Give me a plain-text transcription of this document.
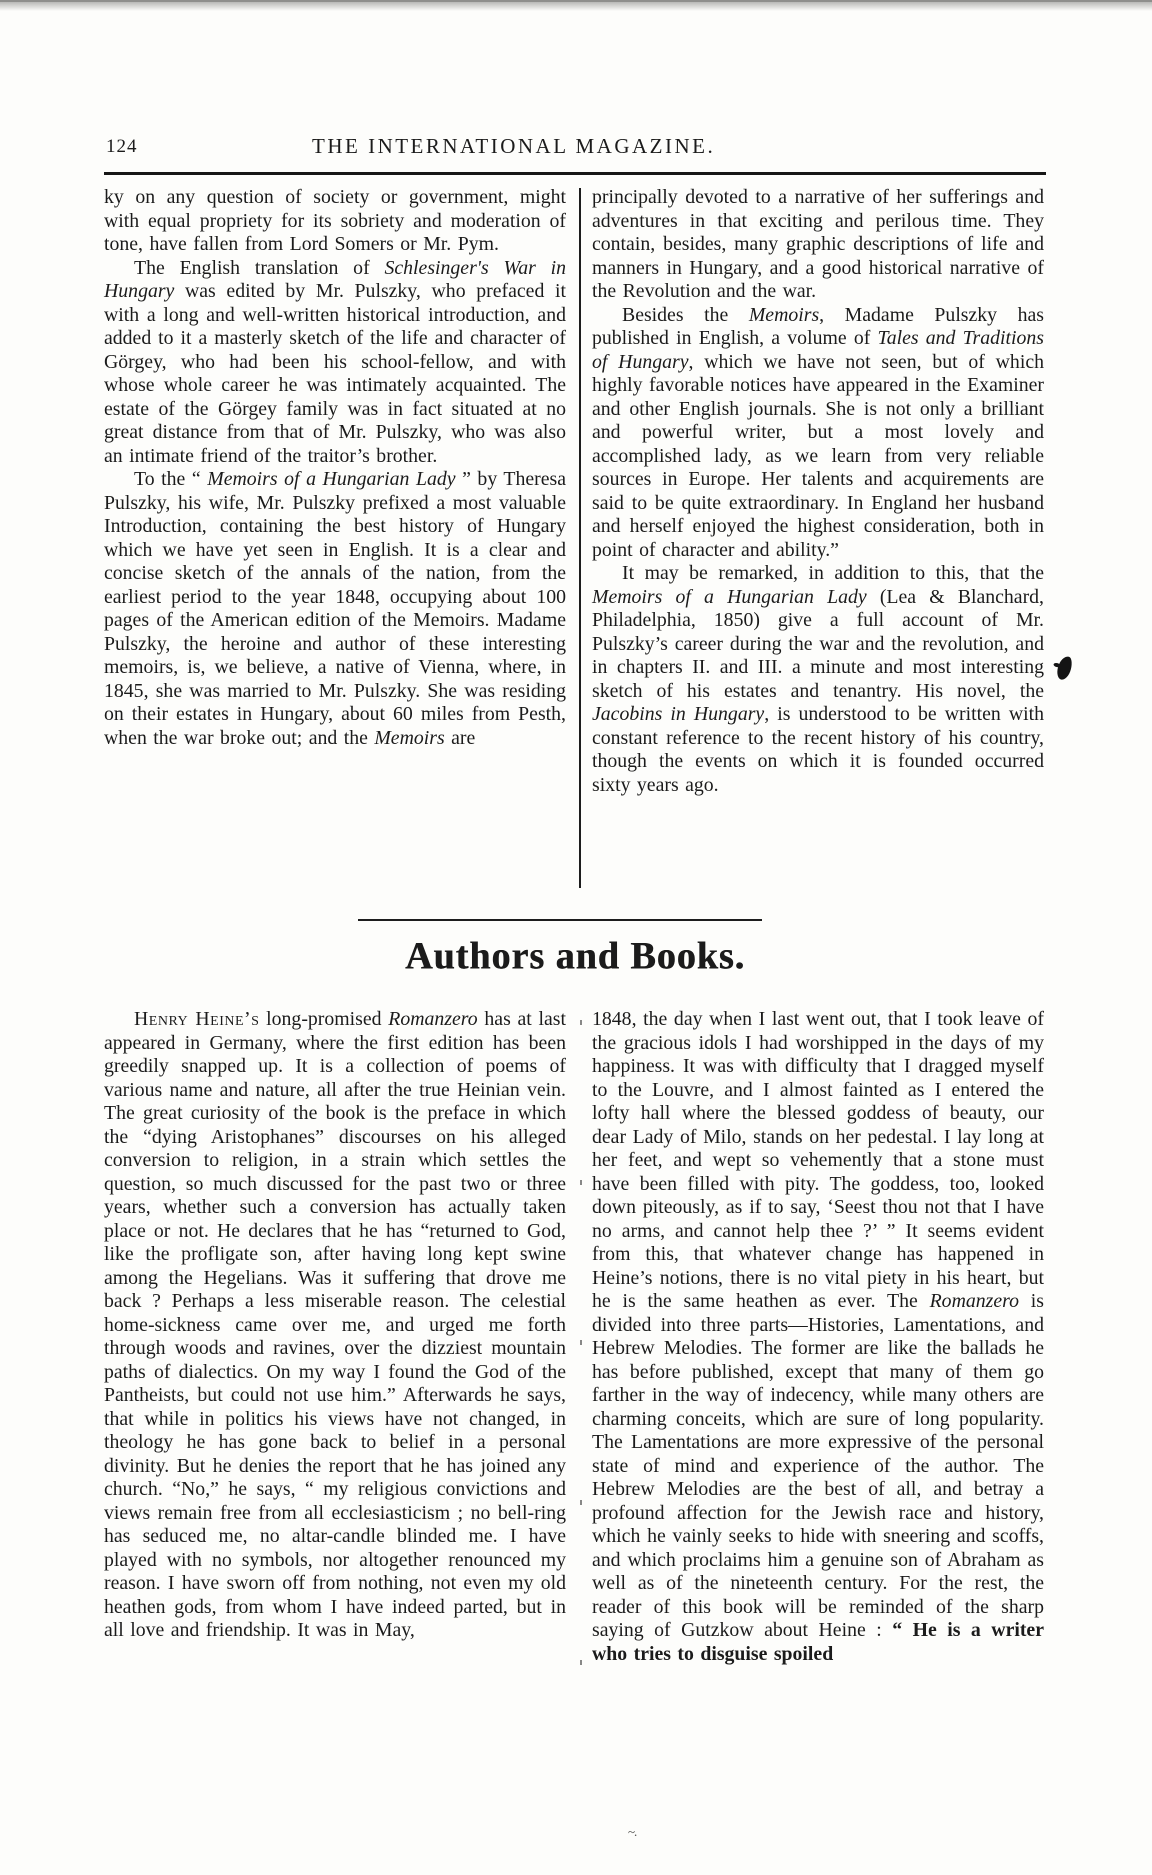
124	THE INTERNATIONAL MAGAZINE.

ky on any question of society or government, might with equal propriety for its sobriety and moderation of tone, have fallen from Lord Somers or Mr. Pym.

The English translation of Schlesinger's War in Hungary was edited by Mr. Pulszky, who prefaced it with a long and well-written historical introduction, and added to it a masterly sketch of the life and character of Görgey, who had been his school-fellow, and with whose whole career he was intimately acquainted. The estate of the Görgey family was in fact situated at no great distance from that of Mr. Pulszky, who was also an intimate friend of the traitor’s brother.

To the “ Memoirs of a Hungarian Lady ” by Theresa Pulszky, his wife, Mr. Pulszky prefixed a most valuable Introduction, containing the best history of Hungary which we have yet seen in English. It is a clear and concise sketch of the annals of the nation, from the earliest period to the year 1848, occupying about 100 pages of the American edition of the Memoirs. Madame Pulszky, the heroine and author of these interesting memoirs, is, we believe, a native of Vienna, where, in 1845, she was married to Mr. Pulszky. She was residing on their estates in Hungary, about 60 miles from Pesth, when the war broke out; and the Memoirs are

principally devoted to a narrative of her sufferings and adventures in that exciting and perilous time. They contain, besides, many graphic descriptions of life and manners in Hungary, and a good historical narrative of the Revolution and the war.

Besides the Memoirs, Madame Pulszky has published in English, a volume of Tales and Traditions of Hungary, which we have not seen, but of which highly favorable notices have appeared in the Examiner and other English journals. She is not only a brilliant and powerful writer, but a most lovely and accomplished lady, as we learn from very reliable sources in Europe. Her talents and acquirements are said to be quite extraordinary. In England her husband and herself enjoyed the highest consideration, both in point of character and ability.”

It may be remarked, in addition to this, that the Memoirs of a Hungarian Lady (Lea & Blanchard, Philadelphia, 1850) give a full account of Mr. Pulszky’s career during the war and the revolution, and in chapters II. and III. a minute and most interesting sketch of his estates and tenantry. His novel, the Jacobins in Hungary, is understood to be written with constant reference to the recent history of his country, though the events on which it is founded occurred sixty years ago.

Authors and Books.

Henry Heine’s long-promised Romanzero has at last appeared in Germany, where the first edition has been greedily snapped up. It is a collection of poems of various name and nature, all after the true Heinian vein. The great curiosity of the book is the preface in which the “dying Aristophanes” discourses on his alleged conversion to religion, in a strain which settles the question, so much discussed for the past two or three years, whether such a conversion has actually taken place or not. He declares that he has “returned to God, like the profligate son, after having long kept swine among the Hegelians. Was it suffering that drove me back ? Perhaps a less miserable reason. The celestial home-sickness came over me, and urged me forth through woods and ravines, over the dizziest mountain paths of dialectics. On my way I found the God of the Pantheists, but could not use him.” Afterwards he says, that while in politics his views have not changed, in theology he has gone back to belief in a personal divinity. But he denies the report that he has joined any church. “No,” he says, “ my religious convictions and views remain free from all ecclesiasticism ; no bell-ring has seduced me, no altar-candle blinded me. I have played with no symbols, nor altogether renounced my reason. I have sworn off from nothing, not even my old heathen gods, from whom I have indeed parted, but in all love and friendship. It was in May,

1848, the day when I last went out, that I took leave of the gracious idols I had worshipped in the days of my happiness. It was with difficulty that I dragged myself to the Louvre, and I almost fainted as I entered the lofty hall where the blessed goddess of beauty, our dear Lady of Milo, stands on her pedestal. I lay long at her feet, and wept so vehemently that a stone must have been filled with pity. The goddess, too, looked down piteously, as if to say, ‘Seest thou not that I have no arms, and cannot help thee ?’ ” It seems evident from this, that whatever change has happened in Heine’s notions, there is no vital piety in his heart, but he is the same heathen as ever. The Romanzero is divided into three parts—Histories, Lamentations, and Hebrew Melodies. The former are like the ballads he has before published, except that many of them go farther in the way of indecency, while many others are charming conceits, which are sure of long popularity. The Lamentations are more expressive of the personal state of mind and experience of the author. The Hebrew Melodies are the best of all, and betray a profound affection for the Jewish race and history, which he vainly seeks to hide with sneering and scoffs, and which proclaims him a genuine son of Abraham as well as of the nineteenth century. For the rest, the reader of this book will be reminded of the sharp saying of Gutzkow about Heine : “ He is a writer who tries to disguise spoiled

~.
